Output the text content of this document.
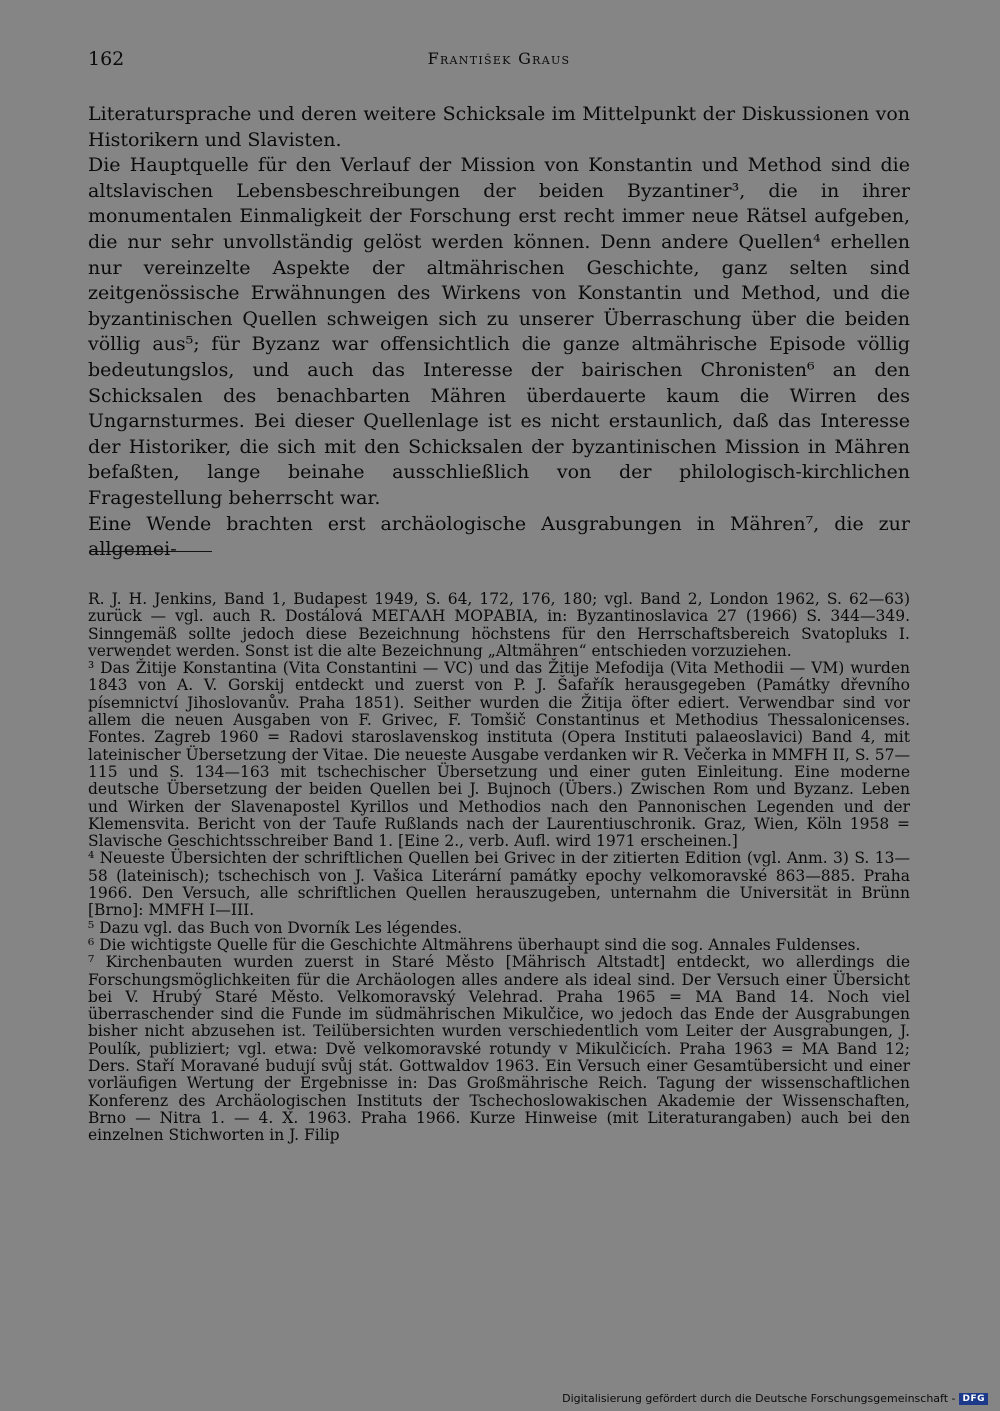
162	František Graus

Literatursprache und deren weitere Schicksale im Mittelpunkt der Diskussionen von Historikern und Slavisten.

Die Hauptquelle für den Verlauf der Mission von Konstantin und Method sind die altslavischen Lebensbeschreibungen der beiden Byzantiner³, die in ihrer monumentalen Einmaligkeit der Forschung erst recht immer neue Rätsel aufgeben, die nur sehr unvollständig gelöst werden können. Denn andere Quellen⁴ erhellen nur vereinzelte Aspekte der altmährischen Geschichte, ganz selten sind zeitgenössische Erwähnungen des Wirkens von Konstantin und Method, und die byzantinischen Quellen schweigen sich zu unserer Überraschung über die beiden völlig aus⁵; für Byzanz war offensichtlich die ganze altmährische Episode völlig bedeutungslos, und auch das Interesse der bairischen Chronisten⁶ an den Schicksalen des benachbarten Mähren überdauerte kaum die Wirren des Ungarnsturmes. Bei dieser Quellenlage ist es nicht erstaunlich, daß das Interesse der Historiker, die sich mit den Schicksalen der byzantinischen Mission in Mähren befaßten, lange beinahe ausschließlich von der philologisch-kirchlichen Fragestellung beherrscht war.

Eine Wende brachten erst archäologische Ausgrabungen in Mähren⁷, die zur allgemei-

R. J. H. Jenkins, Band 1, Budapest 1949, S. 64, 172, 176, 180; vgl. Band 2, London 1962, S. 62—63) zurück — vgl. auch R. Dostálová ΜΕΓΑΛΗ ΜΟΡΑΒΙΑ, in: Byzantinoslavica 27 (1966) S. 344—349. Sinngemäß sollte jedoch diese Bezeichnung höchstens für den Herrschaftsbereich Svatopluks I. verwendet werden. Sonst ist die alte Bezeichnung „Altmähren“ entschieden vorzuziehen.

³ Das Žitije Konstantina (Vita Constantini — VC) und das Žitije Mefodija (Vita Methodii — VM) wurden 1843 von A. V. Gorskij entdeckt und zuerst von P. J. Šafařík herausgegeben (Památky dřevního písemnictví Jihoslovanův. Praha 1851). Seither wurden die Žitija öfter ediert. Verwendbar sind vor allem die neuen Ausgaben von F. Grivec, F. Tomšič Constantinus et Methodius Thessalonicenses. Fontes. Zagreb 1960 = Radovi staroslavenskog instituta (Opera Instituti palaeoslavici) Band 4, mit lateinischer Übersetzung der Vitae. Die neueste Ausgabe verdanken wir R. Večerka in MMFH II, S. 57—115 und S. 134—163 mit tschechischer Übersetzung und einer guten Einleitung. Eine moderne deutsche Übersetzung der beiden Quellen bei J. Bujnoch (Übers.) Zwischen Rom und Byzanz. Leben und Wirken der Slavenapostel Kyrillos und Methodios nach den Pannonischen Legenden und der Klemensvita. Bericht von der Taufe Rußlands nach der Laurentiuschronik. Graz, Wien, Köln 1958 = Slavische Geschichtsschreiber Band 1. [Eine 2., verb. Aufl. wird 1971 erscheinen.]

⁴ Neueste Übersichten der schriftlichen Quellen bei Grivec in der zitierten Edition (vgl. Anm. 3) S. 13—58 (lateinisch); tschechisch von J. Vašica Literární památky epochy velkomoravské 863—885. Praha 1966. Den Versuch, alle schriftlichen Quellen herauszugeben, unternahm die Universität in Brünn [Brno]: MMFH I—III.

⁵ Dazu vgl. das Buch von Dvorník Les légendes.

⁶ Die wichtigste Quelle für die Geschichte Altmährens überhaupt sind die sog. Annales Fuldenses.

⁷ Kirchenbauten wurden zuerst in Staré Město [Mährisch Altstadt] entdeckt, wo allerdings die Forschungsmöglichkeiten für die Archäologen alles andere als ideal sind. Der Versuch einer Übersicht bei V. Hrubý Staré Město. Velkomoravský Velehrad. Praha 1965 = MA Band 14. Noch viel überraschender sind die Funde im südmährischen Mikulčice, wo jedoch das Ende der Ausgrabungen bisher nicht abzusehen ist. Teilübersichten wurden verschiedentlich vom Leiter der Ausgrabungen, J. Poulík, publiziert; vgl. etwa: Dvě velkomoravské rotundy v Mikulčicích. Praha 1963 = MA Band 12; Ders. Staří Moravané budují svůj stát. Gottwaldov 1963. Ein Versuch einer Gesamtübersicht und einer vorläufigen Wertung der Ergebnisse in: Das Großmährische Reich. Tagung der wissenschaftlichen Konferenz des Archäologischen Instituts der Tschechoslowakischen Akademie der Wissenschaften, Brno — Nitra 1. — 4. X. 1963. Praha 1966. Kurze Hinweise (mit Literaturangaben) auch bei den einzelnen Stichworten in J. Filip

Digitalisierung gefördert durch die Deutsche Forschungsgemeinschaft - DFG
